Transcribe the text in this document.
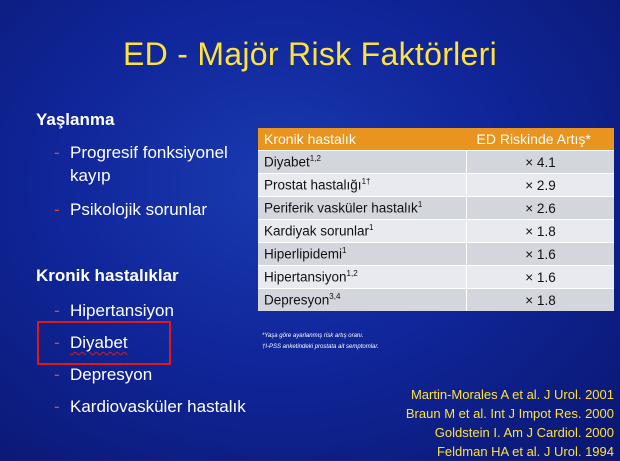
ED - Majör Risk Faktörleri
Yaşlanma
- Progresif fonksiyonel kayıp
- Psikolojik sorunlar
Kronik hastalıklar
- Hipertansiyon
- Diyabet
- Depresyon
- Kardiovasküler hastalık
Kronik hastalık	ED Riskinde Artış*
Diyabet$^{1,2}$	× 4.1
Prostat hastalığı$^{1\dagger}$	× 2.9
Periferik vasküler hastalık$^1$	× 2.6
Kardiyak sorunlar$^1$	× 1.8
Hiperlipidemi$^1$	× 1.6
Hipertansiyon$^{1,2}$	× 1.6
Depresyon$^{3,4}$	× 1.8
*Yaşa göre ayarlanmış risk artış oranı.
†I-PSS anketindeki prostata ait semptomlar.
Martin-Morales A et al. J Urol. 2001
Braun M et al. Int J Impot Res. 2000
Goldstein I. Am J Cardiol. 2000
Feldman HA et al. J Urol. 1994
